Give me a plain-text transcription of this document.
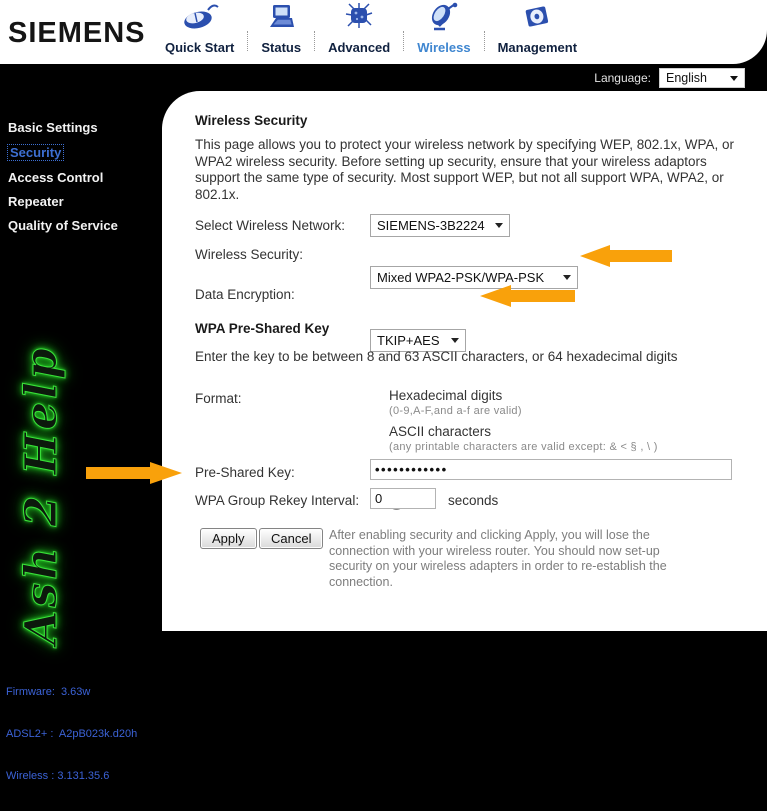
SIEMENS Quick Start Status Advanced Wireless Management
Language:	English
Basic Settings
Security
Access Control
Repeater
Quality of Service
Ash 2 Help

Firmware:  3.63w

ADSL2+ :  A2pB023k.d20h

Wireless : 3.131.35.6

Wireless Security
This page allows you to protect your wireless network by specifying WEP, 802.1x, WPA, or WPA2 wireless security. Before setting up security, ensure that your wireless adaptors support the same type of security. Most support WEP, but not all support WPA, WPA2, or 802.1x.
Select Wireless Network:	SIEMENS-3B2224
Wireless Security:
Mixed WPA2-PSK/WPA-PSK
Data Encryption:
TKIP+AES
WPA Pre-Shared Key
Enter the key to be between 8 and 63 ASCII characters, or 64 hexadecimal digits
Format:
	Hexadecimal digits
(0-9,A-F,and a-f are valid)

ASCII characters
(any printable characters are valid except: & < § , \ )
Pre-Shared Key:
••••••••••••
WPA Group Rekey Interval:
0	seconds
Apply	Cancel	After enabling security and clicking Apply, you will lose the connection with your wireless router. You should now set-up security on your wireless adapters in order to re-establish the connection.
